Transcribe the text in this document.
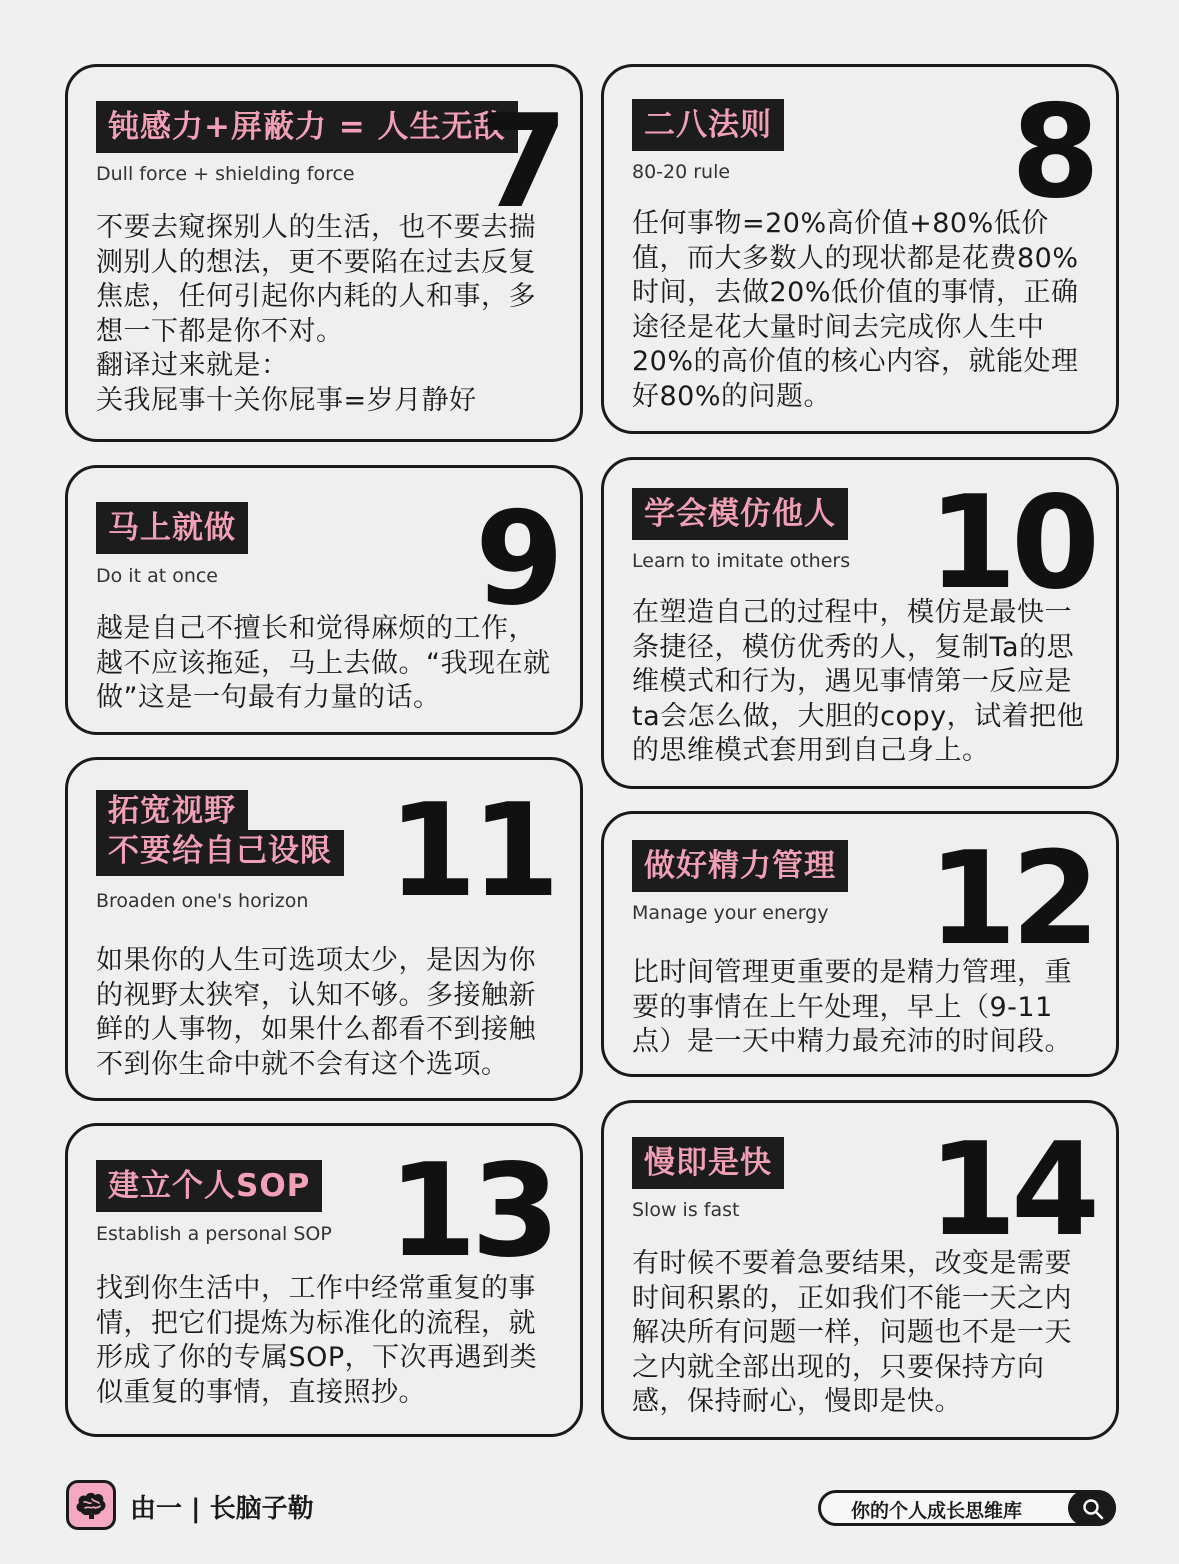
钝感力+屏蔽力 = 人生无敌
Dull force + shielding force 7
不要去窥探别人的生活，也不要去揣测别人的想法，更不要陷在过去反复焦虑，任何引起你内耗的人和事，多想一下都是你不对。
翻译过来就是：
关我屁事十关你屁事=岁月静好
二八法则
80-20 rule 8
任何事物=20%高价值+80%低价值，而大多数人的现状都是花费80%时间，去做20%低价值的事情，正确途径是花大量时间去完成你人生中20%的高价值的核心内容，就能处理好80%的问题。
马上就做
Do it at once 9
越是自己不擅长和觉得麻烦的工作，越不应该拖延，马上去做。“我现在就做”这是一句最有力量的话。
学会模仿他人
Learn to imitate others 10
在塑造自己的过程中，模仿是最快一条捷径，模仿优秀的人，复制Ta的思维模式和行为，遇见事情第一反应是ta会怎么做，大胆的copy，试着把他的思维模式套用到自己身上。
拓宽视野
不要给自己设限
Broaden one's horizon 11
如果你的人生可选项太少，是因为你的视野太狭窄，认知不够。多接触新鲜的人事物，如果什么都看不到接触不到你生命中就不会有这个选项。
做好精力管理
Manage your energy 12
比时间管理更重要的是精力管理，重要的事情在上午处理，早上（9-11点）是一天中精力最充沛的时间段。
建立个人SOP
Establish a personal SOP 13
找到你生活中，工作中经常重复的事情，把它们提炼为标准化的流程，就形成了你的专属SOP，下次再遇到类似重复的事情，直接照抄。
慢即是快
Slow is fast 14
有时候不要着急要结果，改变是需要时间积累的，正如我们不能一天之内解决所有问题一样，问题也不是一天之内就全部出现的，只要保持方向感，保持耐心，慢即是快。
由一 | 长脑子勒	你的个人成长思维库
